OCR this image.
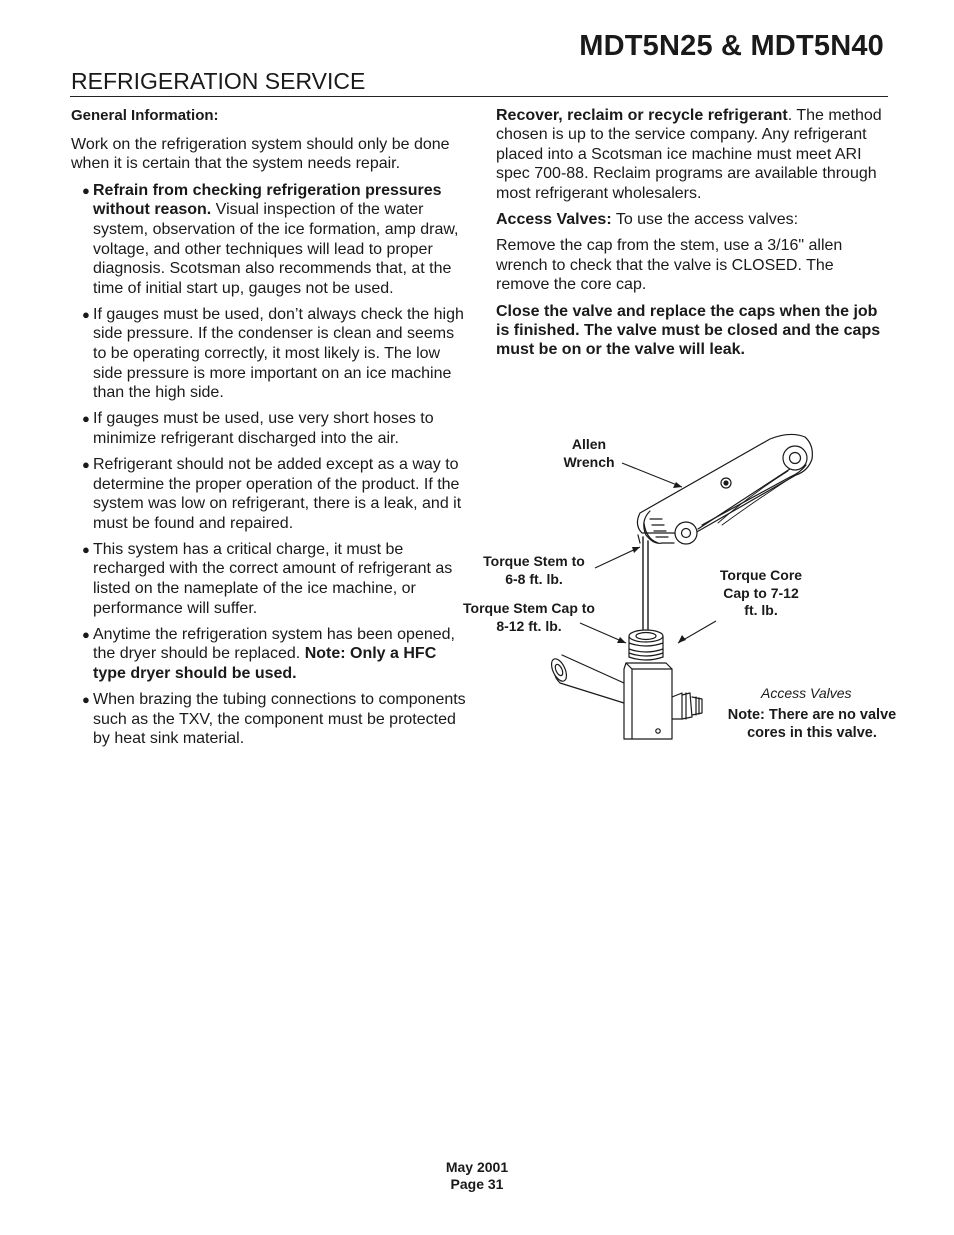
MDT5N25 & MDT5N40
REFRIGERATION SERVICE

General Information:

Work on the refrigeration system should only be done when it is certain that the system needs repair.

● Refrain from checking refrigeration pressures without reason. Visual inspection of the water system, observation of the ice formation, amp draw, voltage, and other techniques will lead to proper diagnosis. Scotsman also recommends that, at the time of initial start up, gauges not be used.
● If gauges must be used, don’t always check the high side pressure. If the condenser is clean and seems to be operating correctly, it most likely is. The low side pressure is more important on an ice machine than the high side.
● If gauges must be used, use very short hoses to minimize refrigerant discharged into the air.
● Refrigerant should not be added except as a way to determine the proper operation of the product. If the system was low on refrigerant, there is a leak, and it must be found and repaired.
● This system has a critical charge, it must be recharged with the correct amount of refrigerant as listed on the nameplate of the ice machine, or performance will suffer.
● Anytime the refrigeration system has been opened, the dryer should be replaced. Note: Only a HFC type dryer should be used.
● When brazing the tubing connections to components such as the TXV, the component must be protected by heat sink material.

Recover, reclaim or recycle refrigerant. The method chosen is up to the service company. Any refrigerant placed into a Scotsman ice machine must meet ARI spec 700-88. Reclaim programs are available through most refrigerant wholesalers.

Access Valves: To use the access valves:

Remove the cap from the stem, use a 3/16" allen wrench to check that the valve is CLOSED. The remove the core cap.

Close the valve and replace the caps when the job is finished. The valve must be closed and the caps must be on or the valve will leak.

Allen
Wrench
Torque Stem to
6-8 ft. lb.
Torque Stem Cap to
8-12 ft. lb.
Torque Core
Cap to 7-12
ft. lb.
Access Valves
Note: There are no valve
cores in this valve.
May 2001
Page 31
